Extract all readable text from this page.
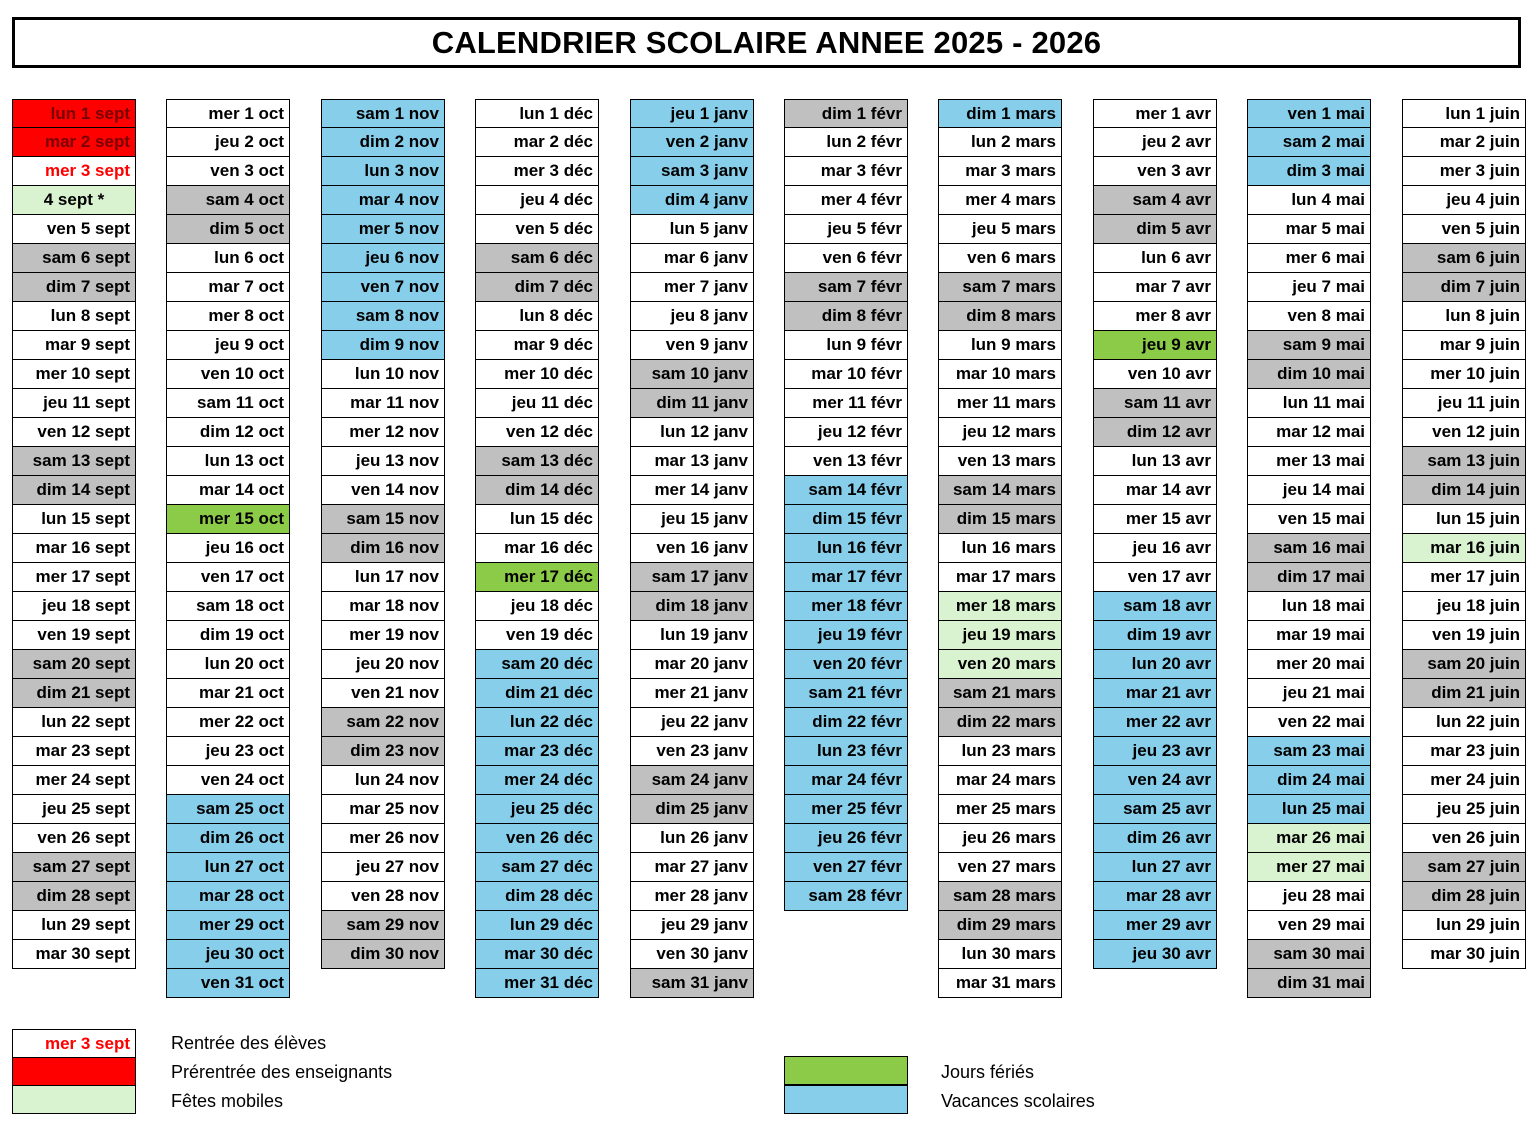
CALENDRIER SCOLAIRE ANNEE 2025 - 2026
lun 1 sept
mar 2 sept
mer 3 sept
4 sept *
ven 5 sept
sam 6 sept
dim 7 sept
lun 8 sept
mar 9 sept
mer 10 sept
jeu 11 sept
ven 12 sept
sam 13 sept
dim 14 sept
lun 15 sept
mar 16 sept
mer 17 sept
jeu 18 sept
ven 19 sept
sam 20 sept
dim 21 sept
lun 22 sept
mar 23 sept
mer 24 sept
jeu 25 sept
ven 26 sept
sam 27 sept
dim 28 sept
lun 29 sept
mar 30 sept
mer 1 oct
jeu 2 oct
ven 3 oct
sam 4 oct
dim 5 oct
lun 6 oct
mar 7 oct
mer 8 oct
jeu 9 oct
ven 10 oct
sam 11 oct
dim 12 oct
lun 13 oct
mar 14 oct
mer 15 oct
jeu 16 oct
ven 17 oct
sam 18 oct
dim 19 oct
lun 20 oct
mar 21 oct
mer 22 oct
jeu 23 oct
ven 24 oct
sam 25 oct
dim 26 oct
lun 27 oct
mar 28 oct
mer 29 oct
jeu 30 oct
ven 31 oct
sam 1 nov
dim 2 nov
lun 3 nov
mar 4 nov
mer 5 nov
jeu 6 nov
ven 7 nov
sam 8 nov
dim 9 nov
lun 10 nov
mar 11 nov
mer 12 nov
jeu 13 nov
ven 14 nov
sam 15 nov
dim 16 nov
lun 17 nov
mar 18 nov
mer 19 nov
jeu 20 nov
ven 21 nov
sam 22 nov
dim 23 nov
lun 24 nov
mar 25 nov
mer 26 nov
jeu 27 nov
ven 28 nov
sam 29 nov
dim 30 nov
lun 1 déc
mar 2 déc
mer 3 déc
jeu 4 déc
ven 5 déc
sam 6 déc
dim 7 déc
lun 8 déc
mar 9 déc
mer 10 déc
jeu 11 déc
ven 12 déc
sam 13 déc
dim 14 déc
lun 15 déc
mar 16 déc
mer 17 déc
jeu 18 déc
ven 19 déc
sam 20 déc
dim 21 déc
lun 22 déc
mar 23 déc
mer 24 déc
jeu 25 déc
ven 26 déc
sam 27 déc
dim 28 déc
lun 29 déc
mar 30 déc
mer 31 déc
jeu 1 janv
ven 2 janv
sam 3 janv
dim 4 janv
lun 5 janv
mar 6 janv
mer 7 janv
jeu 8 janv
ven 9 janv
sam 10 janv
dim 11 janv
lun 12 janv
mar 13 janv
mer 14 janv
jeu 15 janv
ven 16 janv
sam 17 janv
dim 18 janv
lun 19 janv
mar 20 janv
mer 21 janv
jeu 22 janv
ven 23 janv
sam 24 janv
dim 25 janv
lun 26 janv
mar 27 janv
mer 28 janv
jeu 29 janv
ven 30 janv
sam 31 janv
dim 1 févr
lun 2 févr
mar 3 févr
mer 4 févr
jeu 5 févr
ven 6 févr
sam 7 févr
dim 8 févr
lun 9 févr
mar 10 févr
mer 11 févr
jeu 12 févr
ven 13 févr
sam 14 févr
dim 15 févr
lun 16 févr
mar 17 févr
mer 18 févr
jeu 19 févr
ven 20 févr
sam 21 févr
dim 22 févr
lun 23 févr
mar 24 févr
mer 25 févr
jeu 26 févr
ven 27 févr
sam 28 févr
dim 1 mars
lun 2 mars
mar 3 mars
mer 4 mars
jeu 5 mars
ven 6 mars
sam 7 mars
dim 8 mars
lun 9 mars
mar 10 mars
mer 11 mars
jeu 12 mars
ven 13 mars
sam 14 mars
dim 15 mars
lun 16 mars
mar 17 mars
mer 18 mars
jeu 19 mars
ven 20 mars
sam 21 mars
dim 22 mars
lun 23 mars
mar 24 mars
mer 25 mars
jeu 26 mars
ven 27 mars
sam 28 mars
dim 29 mars
lun 30 mars
mar 31 mars
mer 1 avr
jeu 2 avr
ven 3 avr
sam 4 avr
dim 5 avr
lun 6 avr
mar 7 avr
mer 8 avr
jeu 9 avr
ven 10 avr
sam 11 avr
dim 12 avr
lun 13 avr
mar 14 avr
mer 15 avr
jeu 16 avr
ven 17 avr
sam 18 avr
dim 19 avr
lun 20 avr
mar 21 avr
mer 22 avr
jeu 23 avr
ven 24 avr
sam 25 avr
dim 26 avr
lun 27 avr
mar 28 avr
mer 29 avr
jeu 30 avr
ven 1 mai
sam 2 mai
dim 3 mai
lun 4 mai
mar 5 mai
mer 6 mai
jeu 7 mai
ven 8 mai
sam 9 mai
dim 10 mai
lun 11 mai
mar 12 mai
mer 13 mai
jeu 14 mai
ven 15 mai
sam 16 mai
dim 17 mai
lun 18 mai
mar 19 mai
mer 20 mai
jeu 21 mai
ven 22 mai
sam 23 mai
dim 24 mai
lun 25 mai
mar 26 mai
mer 27 mai
jeu 28 mai
ven 29 mai
sam 30 mai
dim 31 mai
lun 1 juin
mar 2 juin
mer 3 juin
jeu 4 juin
ven 5 juin
sam 6 juin
dim 7 juin
lun 8 juin
mar 9 juin
mer 10 juin
jeu 11 juin
ven 12 juin
sam 13 juin
dim 14 juin
lun 15 juin
mar 16 juin
mer 17 juin
jeu 18 juin
ven 19 juin
sam 20 juin
dim 21 juin
lun 22 juin
mar 23 juin
mer 24 juin
jeu 25 juin
ven 26 juin
sam 27 juin
dim 28 juin
lun 29 juin
mar 30 juin
mer 3 sept Rentrée des élèves
Prérentrée des enseignants
Fêtes mobiles
Jours fériés
Vacances scolaires
